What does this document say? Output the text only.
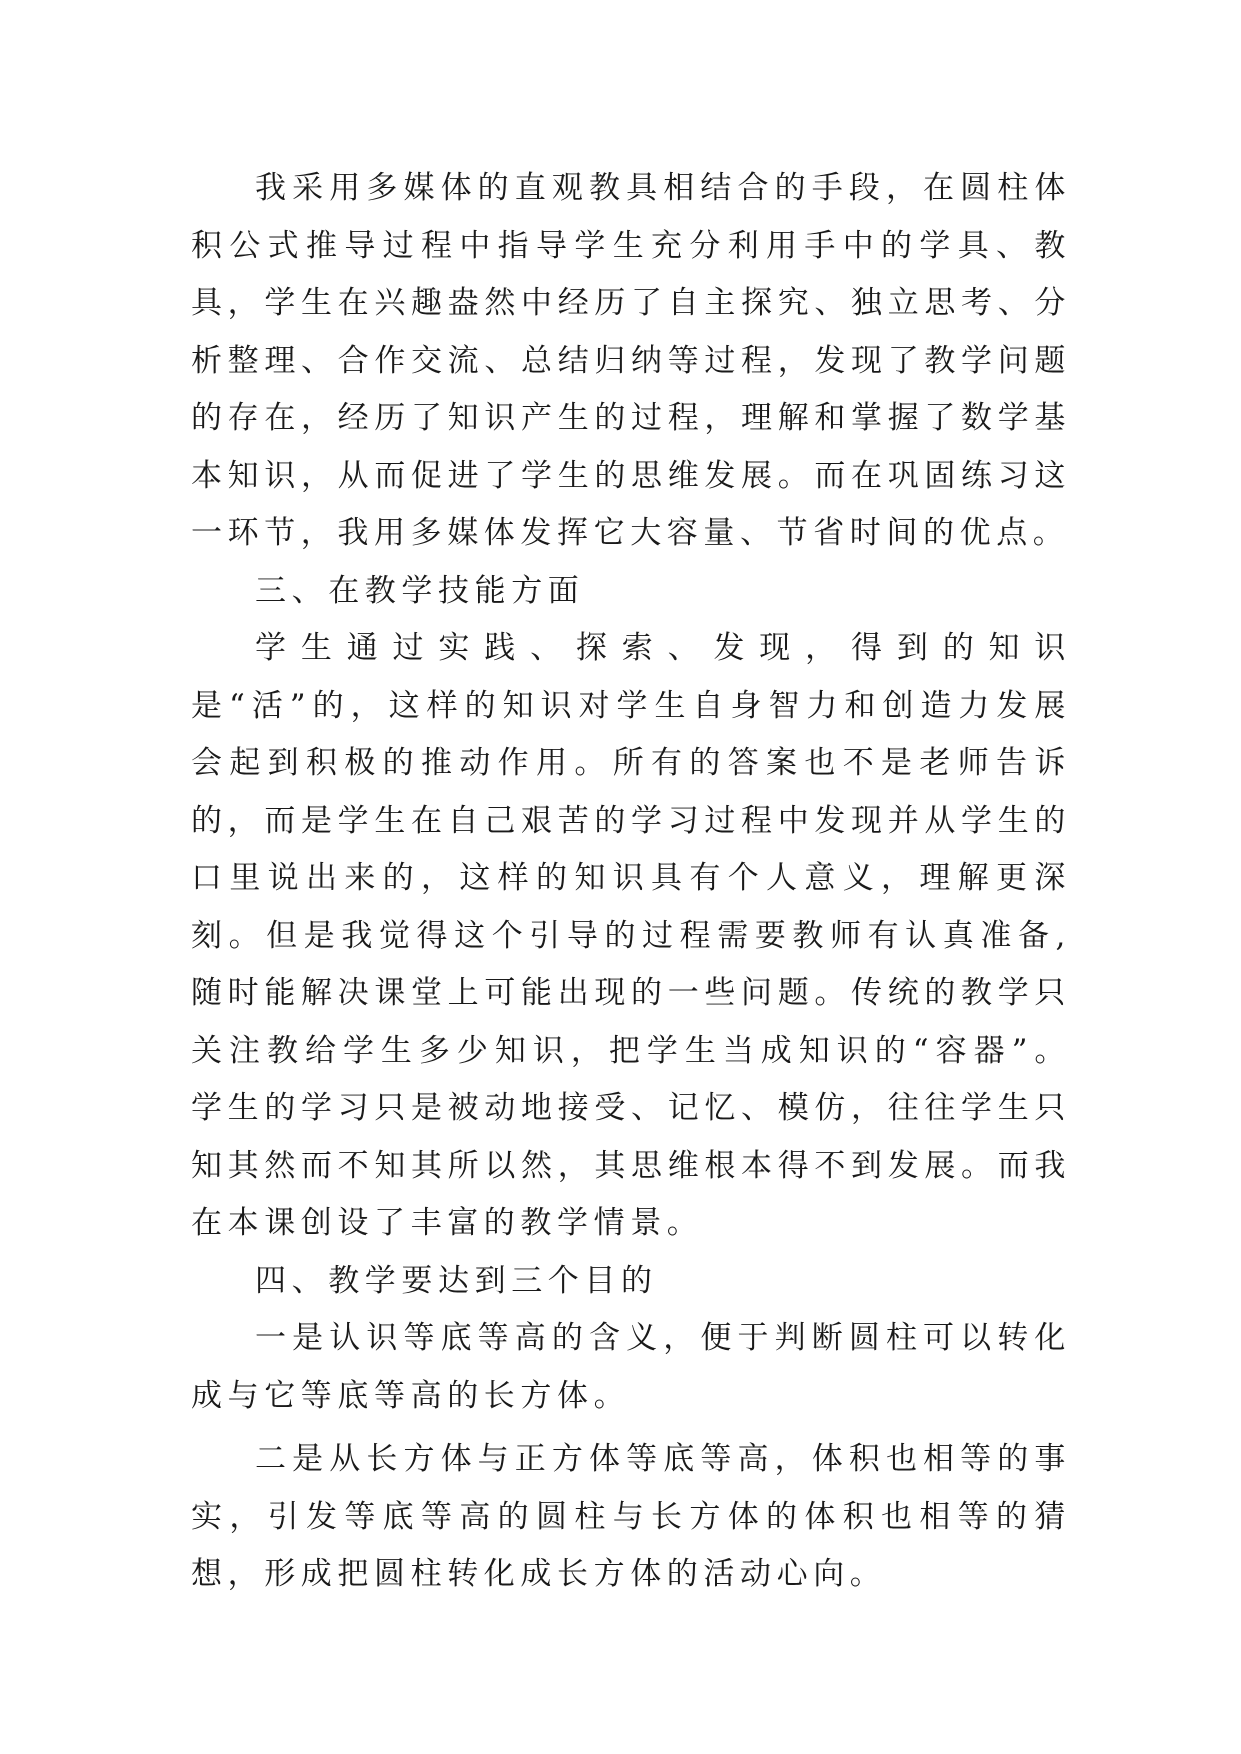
我采用多媒体的直观教具相结合的手段，在圆柱体积公式推导过程中指导学生充分利用手中的学具、教具，学生在兴趣盎然中经历了自主探究、独立思考、分析整理、合作交流、总结归纳等过程，发现了教学问题的存在，经历了知识产生的过程，理解和掌握了数学基本知识，从而促进了学生的思维发展。而在巩固练习这一环节，我用多媒体发挥它大容量、节省时间的优点。

三、在教学技能方面

学生通过实践、探索、发现，得到的知识是“活”的，这样的知识对学生自身智力和创造力发展会起到积极的推动作用。所有的答案也不是老师告诉的，而是学生在自己艰苦的学习过程中发现并从学生的口里说出来的，这样的知识具有个人意义，理解更深刻。但是我觉得这个引导的过程需要教师有认真准备,随时能解决课堂上可能出现的一些问题。传统的教学只关注教给学生多少知识，把学生当成知识的“容器”。学生的学习只是被动地接受、记忆、模仿，往往学生只知其然而不知其所以然，其思维根本得不到发展。而我在本课创设了丰富的教学情景。

四、教学要达到三个目的

一是认识等底等高的含义，便于判断圆柱可以转化成与它等底等高的长方体。

二是从长方体与正方体等底等高，体积也相等的事实，引发等底等高的圆柱与长方体的体积也相等的猜想，形成把圆柱转化成长方体的活动心向。
